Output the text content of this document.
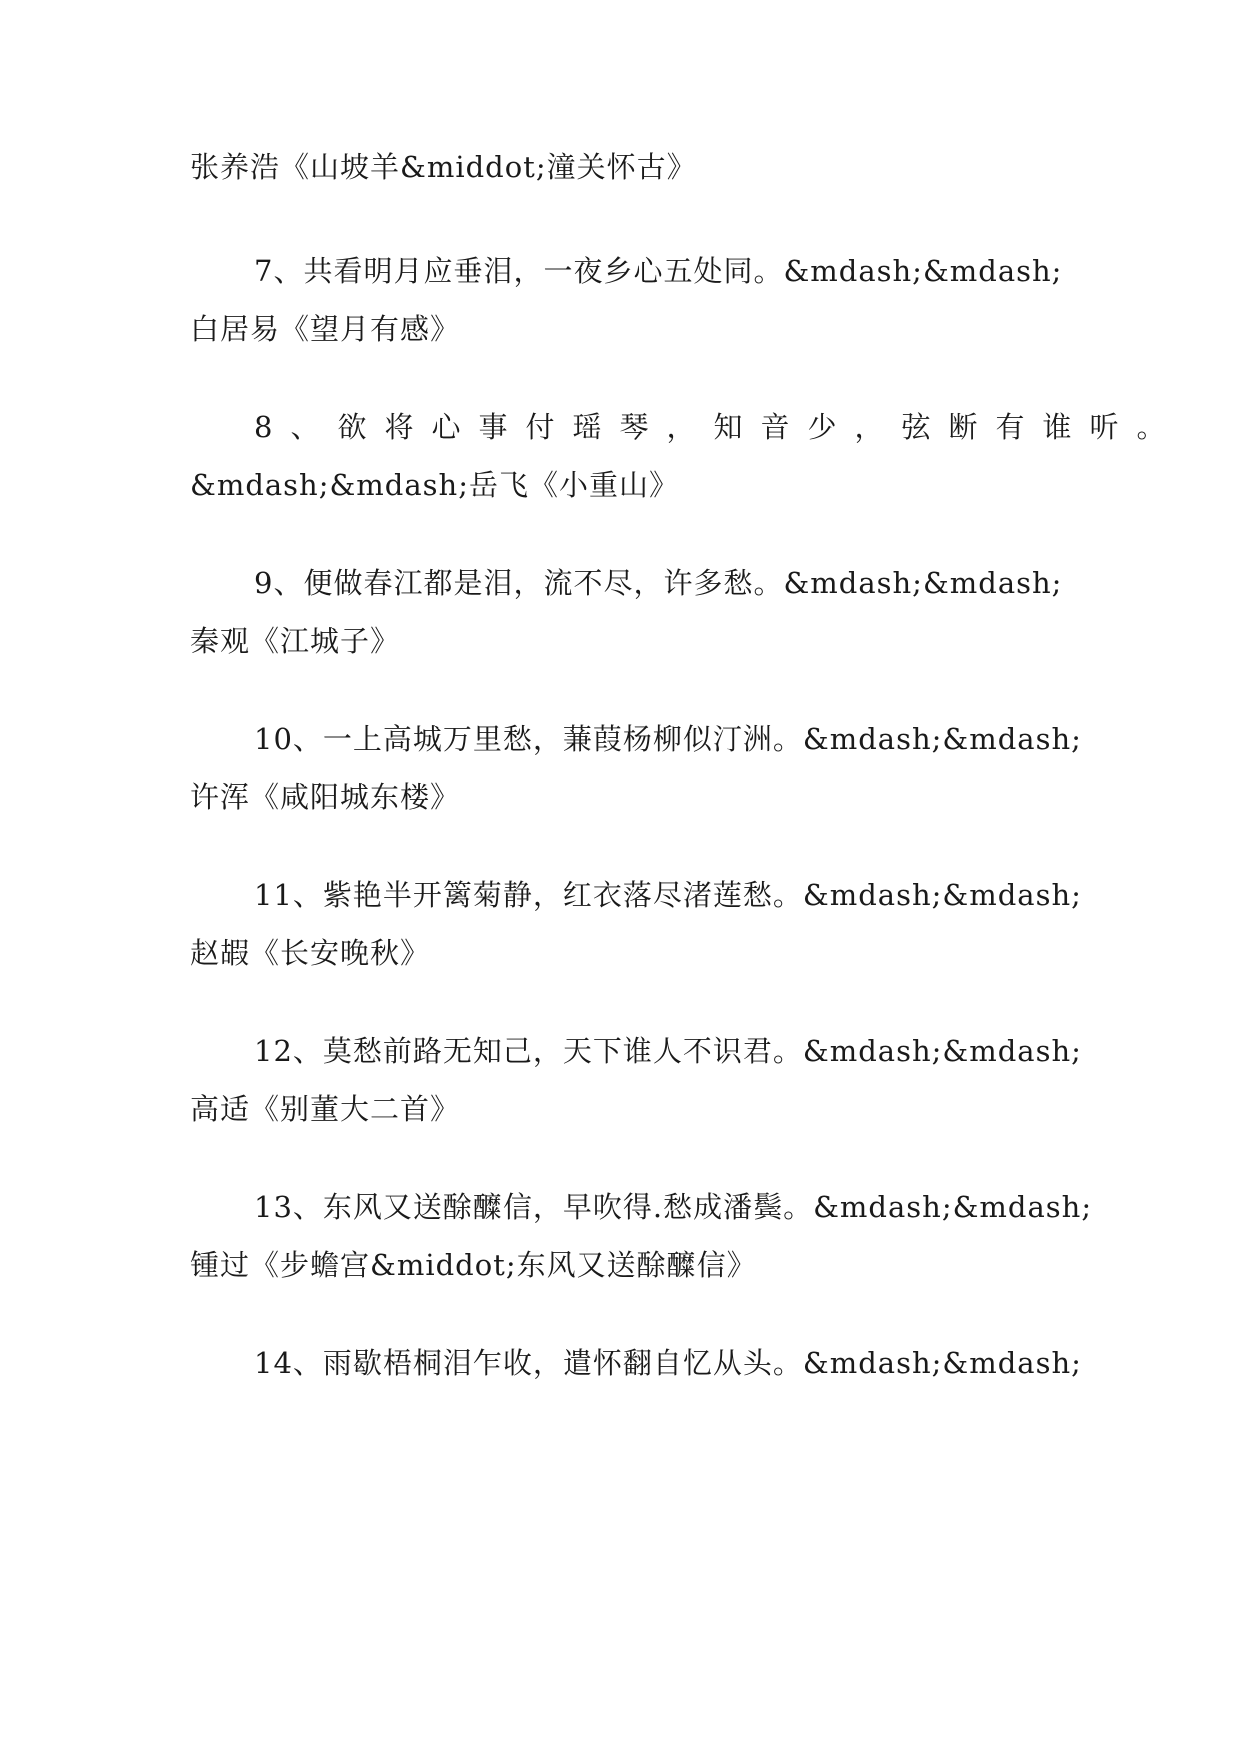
张养浩《山坡羊&middot;潼关怀古》
7、共看明月应垂泪，一夜乡心五处同。&mdash;&mdash;
白居易《望月有感》
8、欲将心事付瑶琴，知音少，弦断有谁听。
&mdash;&mdash;岳飞《小重山》
9、便做春江都是泪，流不尽，许多愁。&mdash;&mdash;
秦观《江城子》
10、一上高城万里愁，蒹葭杨柳似汀洲。&mdash;&mdash;
许浑《咸阳城东楼》
11、紫艳半开篱菊静，红衣落尽渚莲愁。&mdash;&mdash;
赵嘏《长安晚秋》
12、莫愁前路无知己，天下谁人不识君。&mdash;&mdash;
高适《别董大二首》
13、东风又送酴醾信，早吹得.愁成潘鬓。&mdash;&mdash;
锺过《步蟾宫&middot;东风又送酴醾信》
14、雨歇梧桐泪乍收，遣怀翻自忆从头。&mdash;&mdash;
